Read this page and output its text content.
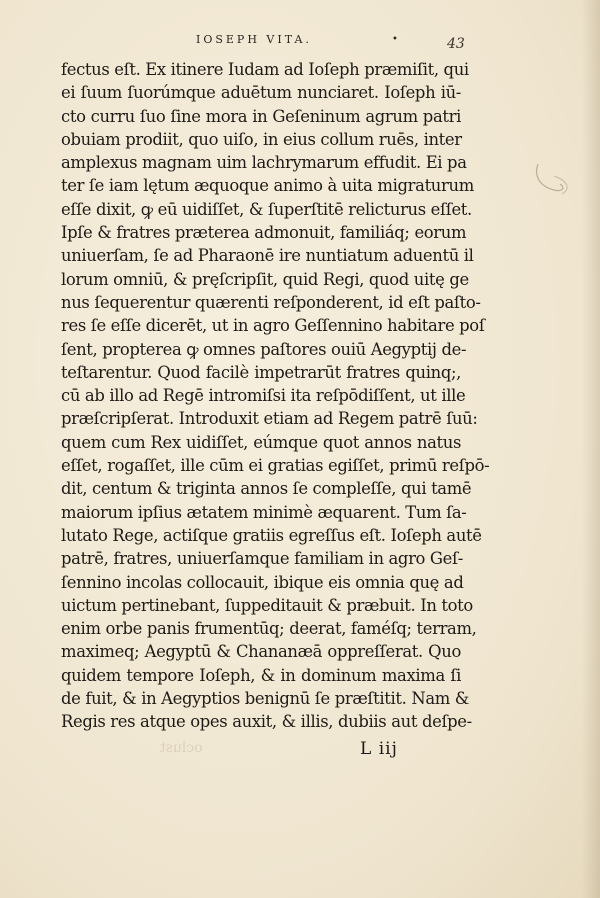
IOSEPH VITA.	•	43
fectus eſt. Ex itinere Iudam ad Ioſeph præmiſit, qui
ei ſuum ſuorúmque aduētum nunciaret. Ioſeph iū-
cto curru ſuo ſine mora in Geſeninum agrum patri
obuiam prodiit, quo uiſo, in eius collum ruēs, inter
amplexus magnam uim lachrymarum effudit. Ei pa
ter ſe iam lętum æquoque animo à uita migraturum
eſſe dixit, ꝙ eū uidiſſet, & ſuperſtitē relicturus eſſet.
Ipſe & fratres præterea admonuit, familiáq; eorum
uniuerſam, ſe ad Pharaonē ire nuntiatum aduentū il
lorum omniū, & pręſcripſit, quid Regi, quod uitę ge
nus ſequerentur quærenti reſponderent, id eſt paſto-
res ſe eſſe dicerēt, ut in agro Geſſennino habitare poſ
ſent, propterea ꝙ omnes paſtores ouiū Aegyptij de-
teſtarentur. Quod facilè impetrarūt fratres quinq;,
cū ab illo ad Regē intromiſsi ita reſpōdiſſent, ut ille
præſcripſerat. Introduxit etiam ad Regem patrē ſuū:
quem cum Rex uidiſſet, eúmque quot annos natus
eſſet, rogaſſet, ille cūm ei gratias egiſſet, primū reſpō-
dit, centum & triginta annos ſe compleſſe, qui tamē
maiorum ipſius ætatem minimè æquarent. Tum ſa-
lutato Rege, actiſque gratiis egreſſus eſt. Ioſeph autē
patrē, fratres, uniuerſamque familiam in agro Geſ-
ſennino incolas collocauit, ibique eis omnia quę ad
uictum pertinebant, ſuppeditauit & præbuit. In toto
enim orbe panis frumentūq; deerat, faméſq; terram,
maximeq; Aegyptū & Chananæā oppreſſerat. Quo
quidem tempore Ioſeph, & in dominum maxima ſi
de fuit, & in Aegyptios benignū ſe præſtitit. Nam &
Regis res atque opes auxit, & illis, dubiis aut deſpe-
oclust	L iij
